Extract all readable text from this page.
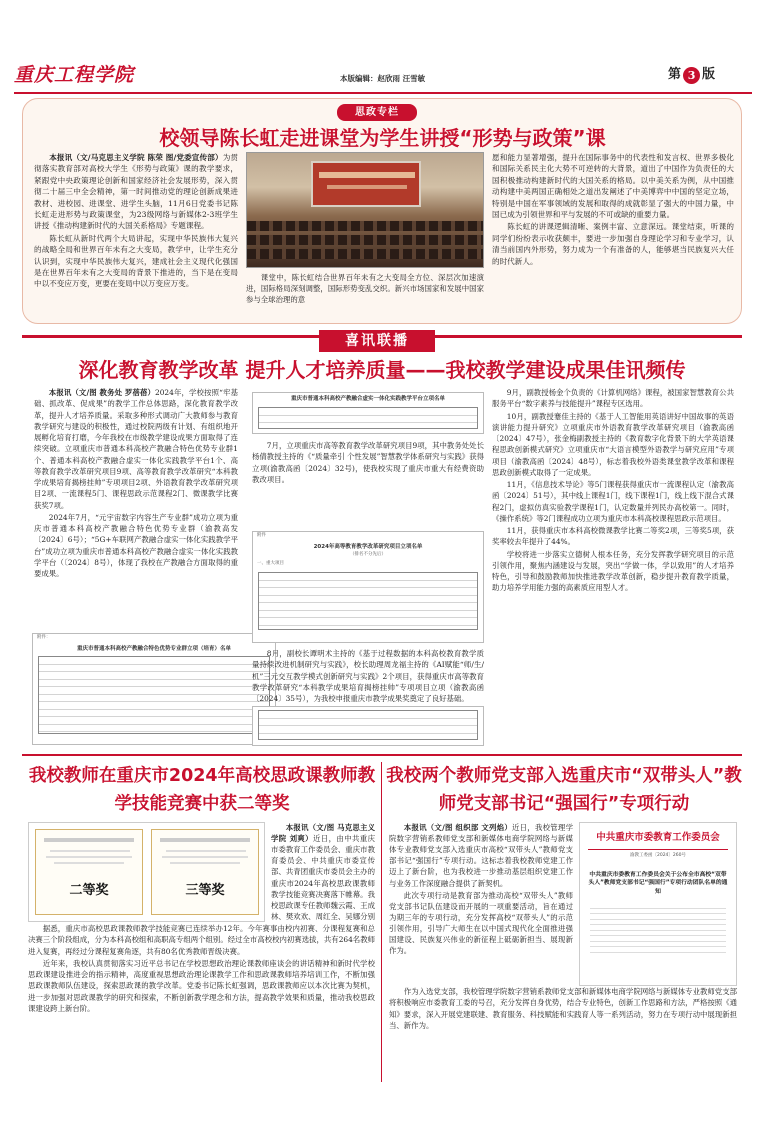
重庆工程学院	本版编辑：赵欣雨 汪雪敏	第 3 版
思政专栏
校领导陈长虹走进课堂为学生讲授“形势与政策”课

本报讯（文/马克思主义学院 陈荣 图/党委宣传部）为贯彻落实教育部对高校大学生《形势与政策》课的教学要求，紧跟党中央政策理论创新和国家经济社会发展形势，深入贯彻二十届三中全会精神，第一时间推动党的理论创新成果进教材、进校园、进课堂、进学生头脑，11月6日党委书记陈长虹走进形势与政策课堂，为23级网络与新媒体2-3班学生讲授《推动构建新时代的大国关系格局》专题课程。

陈长虹从新时代两个大局讲起，实现中华民族伟大复兴的战略全局和世界百年未有之大变局，教学中，让学生充分认识到，实现中华民族伟大复兴，建成社会主义现代化强国是在世界百年未有之大变局的背景下推进的，当下是在变局中以不变应万变，更要在变局中以万变应万变。

课堂中，陈长虹结合世界百年未有之大变局全方位、深层次加速演进，国际格局深刻调整，国际形势变乱交织。新兴市场国家和发展中国家参与全球治理的意

愿和能力显著增强，提升在国际事务中的代表性和发言权、世界多极化和国际关系民主化大势不可逆转的大背景，道出了中国作为负责任的大国积极推动构建新时代的大国关系的格局。以中美关系为例，从中国推动构建中美两国正确相处之道出发阐述了中美博弈中中国的坚定立场，特别是中国在军事领域的发展和取得的成就彰显了强大的中国力量，中国已成为引领世界和平与发展的不可或缺的重要力量。

陈长虹的讲课逻辑清晰、案例丰富、立意深远。课堂结束，听课的同学们纷纷表示收获颇丰，要进一步加强自身理论学习和专业学习，认清当前国内外形势，努力成为一个有准备的人，能够堪当民族复兴大任的时代新人。

喜讯联播
深化教育教学改革 提升人才培养质量——我校教学建设成果佳讯频传

本报讯（文/图 教务处 罗蓓蓓）2024年，学校按照“牢基础、抓改革、促成果”的教学工作总体思路，深化教育教学改革，提升人才培养质量。采取多种形式调动广大教师参与教育教学研究与建设的积极性，通过校院两级有计划、有组织地开展孵化培育打磨，今年我校在市级教学建设成果方面取得了连续突破。立项重庆市普通本科高校产教融合特色优势专业群1个、普通本科高校产教融合虚实一体化实践教学平台1个、高等教育教学改革研究项目9项、高等教育教学改革研究“本科教学成果培育揭榜挂帅”专项项目2项、外语教育教学改革研究项目2项、一流课程5门、课程思政示范课程2门、微课教学比赛获奖7项。

2024年7月，“元宇宙数字内容生产专业群”成功立项为重庆市普通本科高校产教融合特色优势专业群（渝教高发〔2024〕6号）；“5G+车联网产教融合虚实一体化实践教学平台”成功立项为重庆市普通本科高校产教融合虚实一体化实践教学平台（〔2024〕8号），体现了我校在产教融合方面取得的重要成果。

附件：
重庆市普通本科高校产教融合特色优势专业群立项（培育）名单
重庆市普通本科高校产教融合虚实一体化实践教学平台立项名单

7月，立项重庆市高等教育教学改革研究项目9项，其中教务处处长杨倩教授主持的《“质量牵引 个性发展”智慧教学体系研究与实践》获得立项(渝教高函〔2024〕32号)，使我校实现了重庆市重大有经费资助教改项目。

附件
2024年高等教育教学改革研究项目立项名单
（排名不分先后）
一、重大项目

8月，副校长谭明术主持的《基于过程数据的本科高校教育教学质量持续改进机制研究与实践》，校长助理周龙福主持的《AI赋能“师/生/机”三元交互教学模式创新研究与实践》2个项目，获得重庆市高等教育教学改革研究“本科教学成果培育揭榜挂帅”专项项目立项（渝教高函〔2024〕35号），为我校申报重庆市教学成果奖奠定了良好基础。

9月，副教授杨金个负责的《计算机网络》课程，被国家智慧教育公共服务平台“数字素养与技能提升”课程专区选用。

10月，副教授蹇佳主持的《基于人工智能用英语讲好中国故事的英语演讲能力提升研究》立项重庆市外语教育教学改革研究项目（渝教高函〔2024〕47号），张金梅副教授主持的《教育数字化背景下的大学英语课程思政创新模式研究》立项重庆市“大语言模型外语教学与研究应用”专项项目（渝教高函〔2024〕48号），标志着我校外语类课堂教学改革和课程思政创新模式取得了一定成果。

11月，《信息技术导论》等5门课程获得重庆市一流课程认定（渝教高函〔2024〕51号），其中线上课程1门，线下课程1门，线上线下混合式课程2门，虚拟仿真实验教学课程1门，认定数量并列民办高校第一。同时，《操作系统》等2门课程成功立项为重庆市本科高校课程思政示范项目。

11月，获得重庆市本科高校微课教学比赛二等奖2项，三等奖5项，获奖率较去年提升了44%。

学校将进一步落实立德树人根本任务，充分发挥教学研究项目的示范引领作用，聚焦内涵建设与发展，突出“学做一体，学以致用”的人才培养特色，引导和鼓励教师加快推进教学改革创新，稳步提升教育教学质量，助力培养学用能力强的高素质应用型人才。

我校教师在重庆市2024年高校思政课教师教学技能竞赛中获二等奖
二等奖	三等奖

本报讯（文/图 马克思主义学院 刘爽）近日，由中共重庆市委教育工作委员会、重庆市教育委员会、中共重庆市委宣传部、共青团重庆市委员会主办的重庆市2024年高校思政课教师教学技能竞赛决赛落下帷幕。我校思政课专任教师魏云霞、王成林、樊欢欢、周红全、吴娜分别

据悉，重庆市高校思政课教师教学技能竞赛已连续举办12年。今年赛事由校内初赛、分课程复赛和总决赛三个阶段组成，分为本科高校组和高职高专组两个组别。经过全市高校校内初赛选拔，共有264名教师进入复赛，再经过分课程复赛角逐，共有80名优秀教师晋级决赛。

近年来，我校认真贯彻落实习近平总书记在学校思想政治理论课教师座谈会的讲话精神和新时代学校思政课建设推进会的指示精神，高度重视思想政治理论课教学工作和思政课教师培养培训工作，不断加强思政课教师队伍建设，探索思政课的教学改革。党委书记陈长虹强调，思政课教师应以本次比赛为契机，进一步加强对思政课教学的研究和探索，不断创新教学理念和方法，提高教学效果和质量，推动我校思政课建设跨上新台阶。

我校两个教师党支部入选重庆市“双带头人”教师党支部书记“强国行”专项行动

本报讯（文/图 组织部 文列焰）近日，我校管理学院数字营销系教师党支部和新媒体电商学院网络与新媒体专业教师党支部入选重庆市高校“双带头人”教师党支部书记“强国行”专项行动。这标志着我校教师党建工作迈上了新台阶，也为我校进一步推动基层组织党建工作与业务工作深度融合提供了新契机。

此次专项行动是教育部为推动高校“双带头人”教师党支部书记队伍建设而开展的一项重要活动，旨在通过为期三年的专项行动，充分发挥高校“双带头人”的示范引领作用，引导广大师生在以中国式现代化全面推进强国建设、民族复兴伟业的新征程上砥砺新担当、展现新作为。

中共重庆市委教育工作委员会
渝教工委函〔2024〕260号
中共重庆市委教育工作委员会关于公布全市高校“双带头人”教师党支部书记“强国行”专项行动团队名单的通知

作为入选党支部，我校管理学院数字营销系教师党支部和新媒体电商学院网络与新媒体专业教师党支部将积极响应市委教育工委的号召，充分发挥自身优势，结合专业特色，创新工作思路和方法，严格按照《通知》要求，深入开展党建联建、教育服务、科技赋能和实践育人等一系列活动，努力在专项行动中展现新担当、新作为。
